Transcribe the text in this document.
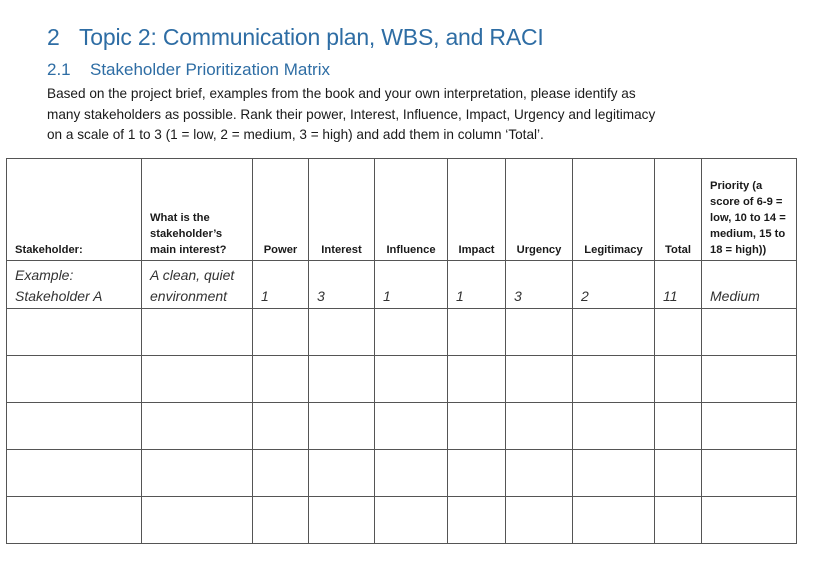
2 Topic 2: Communication plan, WBS, and RACI
2.1 Stakeholder Prioritization Matrix

Based on the project brief, examples from the book and your own interpretation, please identify as

many stakeholders as possible. Rank their power, Interest, Influence, Impact, Urgency and legitimacy

on a scale of 1 to 3 (1 = low, 2 = medium, 3 = high) and add them in column ‘Total’.

Stakeholder:	What is the stakeholder’s main interest?	Power	Interest	Influence	Impact	Urgency	Legitimacy	Total	Priority (a score of 6-9 = low, 10 to 14 = medium, 15 to 18 = high))
Example: Stakeholder A	A clean, quiet environment	1	3	1	1	3	2	11	Medium
